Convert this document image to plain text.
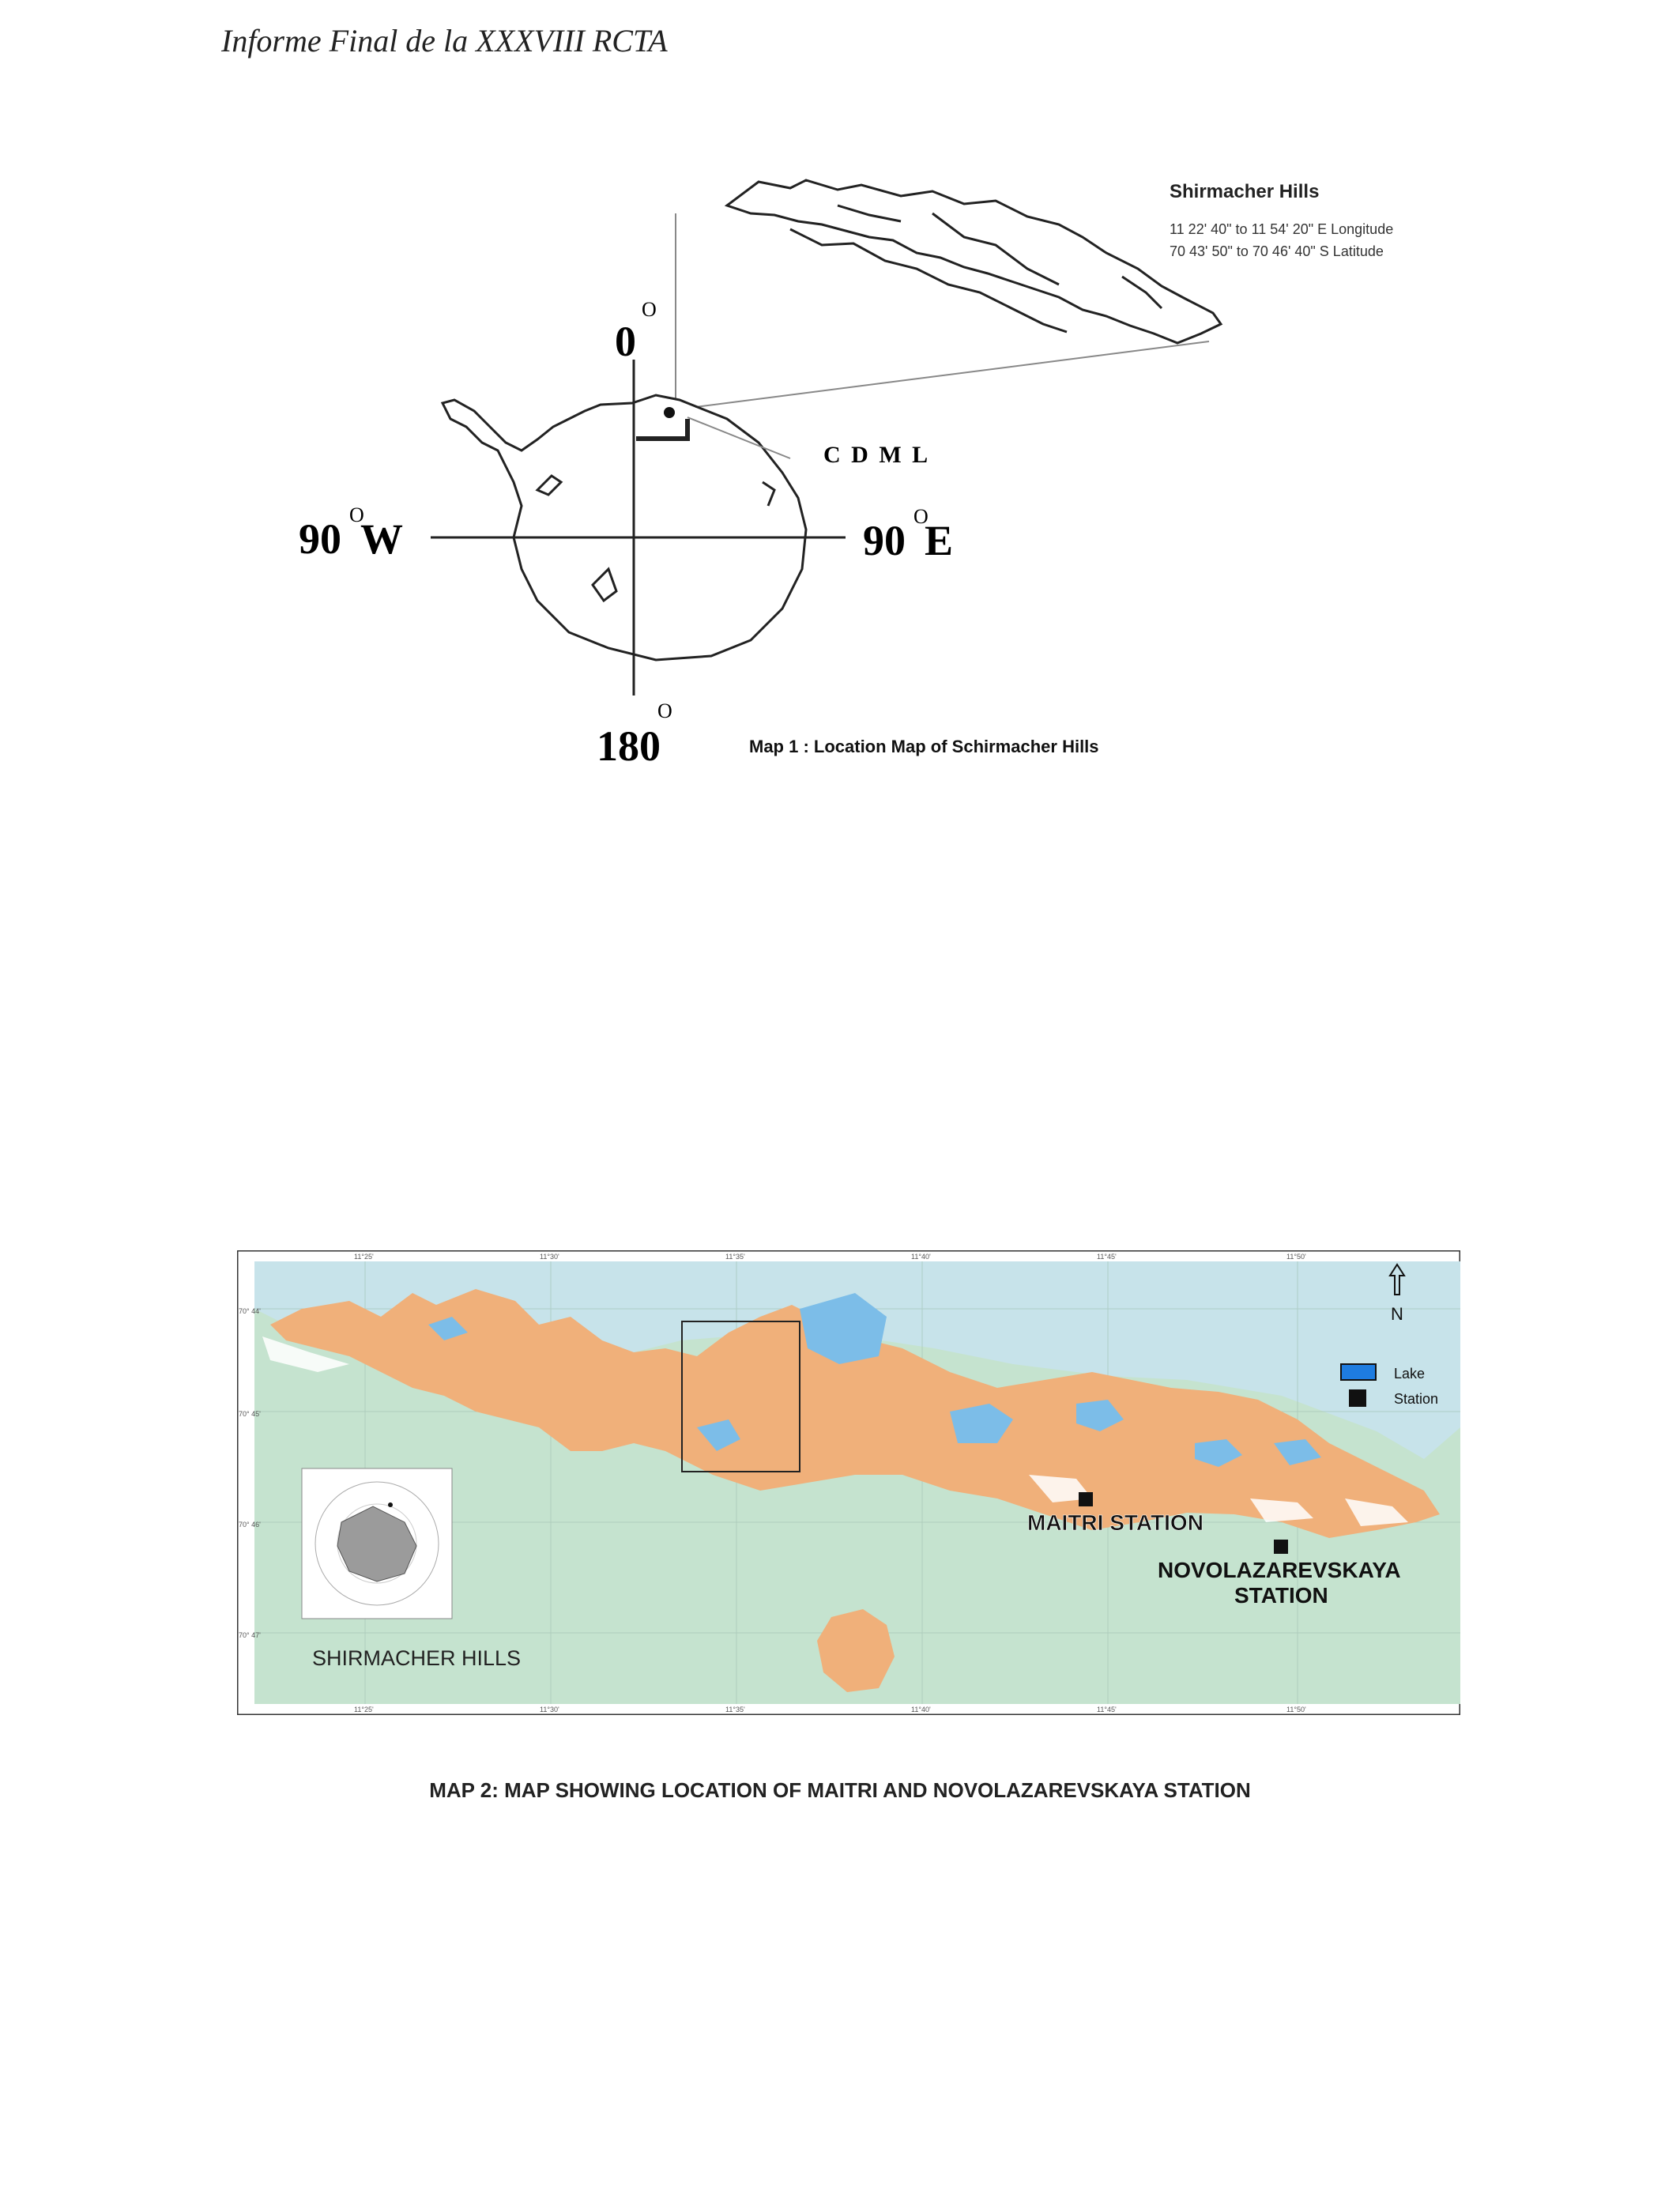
Informe Final de la XXXVIII RCTA
0
O
90
O
W	90
O
E
180
O
C D M L
Shirmacher Hills
11 22' 40" to 11 54' 20" E Longitude
70 43' 50" to 70 46' 40" S Latitude
Map 1 : Location Map of Schirmacher Hills
MAITRI STATION
NOVOLAZAREVSKAYA
STATION
N
Lake
Station
SHIRMACHER HILLS
11°25'
11°25'
11°30'
11°30'
11°35'
11°35'
11°40'
11°40'
11°45'
11°45'
11°50'
11°50'
70° 44'
70° 45'
70° 46'
70° 47'
MAP 2: MAP SHOWING LOCATION OF MAITRI AND NOVOLAZAREVSKAYA STATION
